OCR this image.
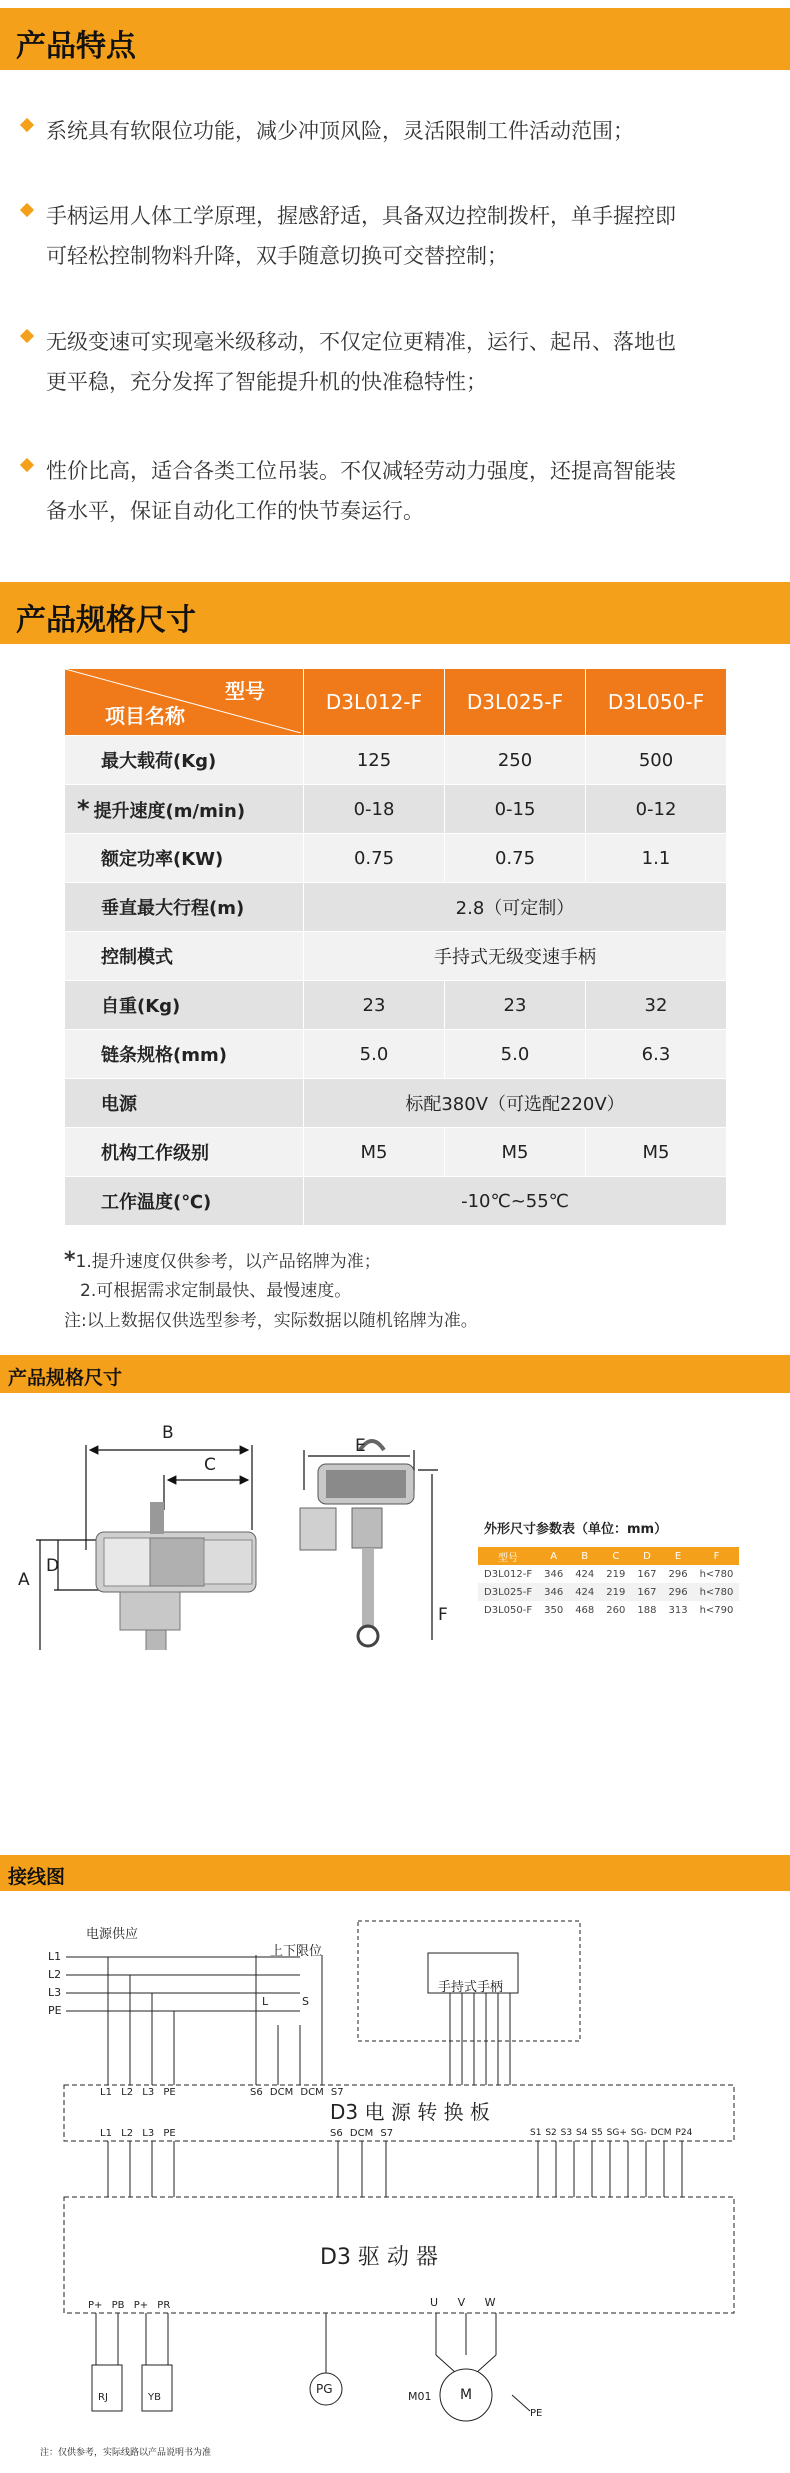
产品特点
系统具有软限位功能，减少冲顶风险，灵活限制工件活动范围；
手柄运用人体工学原理，握感舒适，具备双边控制拨杆，单手握控即
可轻松控制物料升降，双手随意切换可交替控制；
无级变速可实现毫米级移动，不仅定位更精准，运行、起吊、落地也
更平稳，充分发挥了智能提升机的快准稳特性；
性价比高，适合各类工位吊装。不仅减轻劳动力强度，还提高智能装
备水平，保证自动化工作的快节奏运行。
产品规格尺寸
型号
项目名称	D3L012-F	D3L025-F	D3L050-F
最大载荷(Kg)	125	250	500
* 提升速度(m/min)	0-18	0-15	0-12
额定功率(KW)	0.75	0.75	1.1
垂直最大行程(m)	2.8（可定制）		
控制模式	手持式无级变速手柄		
自重(Kg)	23	23	32
链条规格(mm)	5.0	5.0	6.3
电源	标配380V（可选配220V）		
机构工作级别	M5	M5	M5
工作温度(℃)	-10℃~55℃		
*1.提升速度仅供参考，以产品铭牌为准；
2.可根据需求定制最快、最慢速度。
注:以上数据仅供选型参考，实际数据以随机铭牌为准。
产品规格尺寸
B
C
D
A
E
F
外形尺寸参数表（单位：mm）
型号	A	B	C	D	E	F
D3L012-F	346	424	219	167	296	h<780
D3L025-F	346	424	219	167	296	h<780
D3L050-F	350	468	260	188	313	h<790
接线图
电源供应
L1
L2
L3
PE
上下限位
L	S
手持式手柄
D3 电 源 转 换 板
L1 L2 L3 PE	S6 DCM DCM S7
L1 L2 L3 PE	S6 DCM S7	S1 S2 S3 S4 S5 SG+ SG- DCM P24
D3 驱 动 器
P+ PB P+ PR	U V W
RJ	YB
PG
M01 M
PE
注：仅供参考，实际线路以产品说明书为准
